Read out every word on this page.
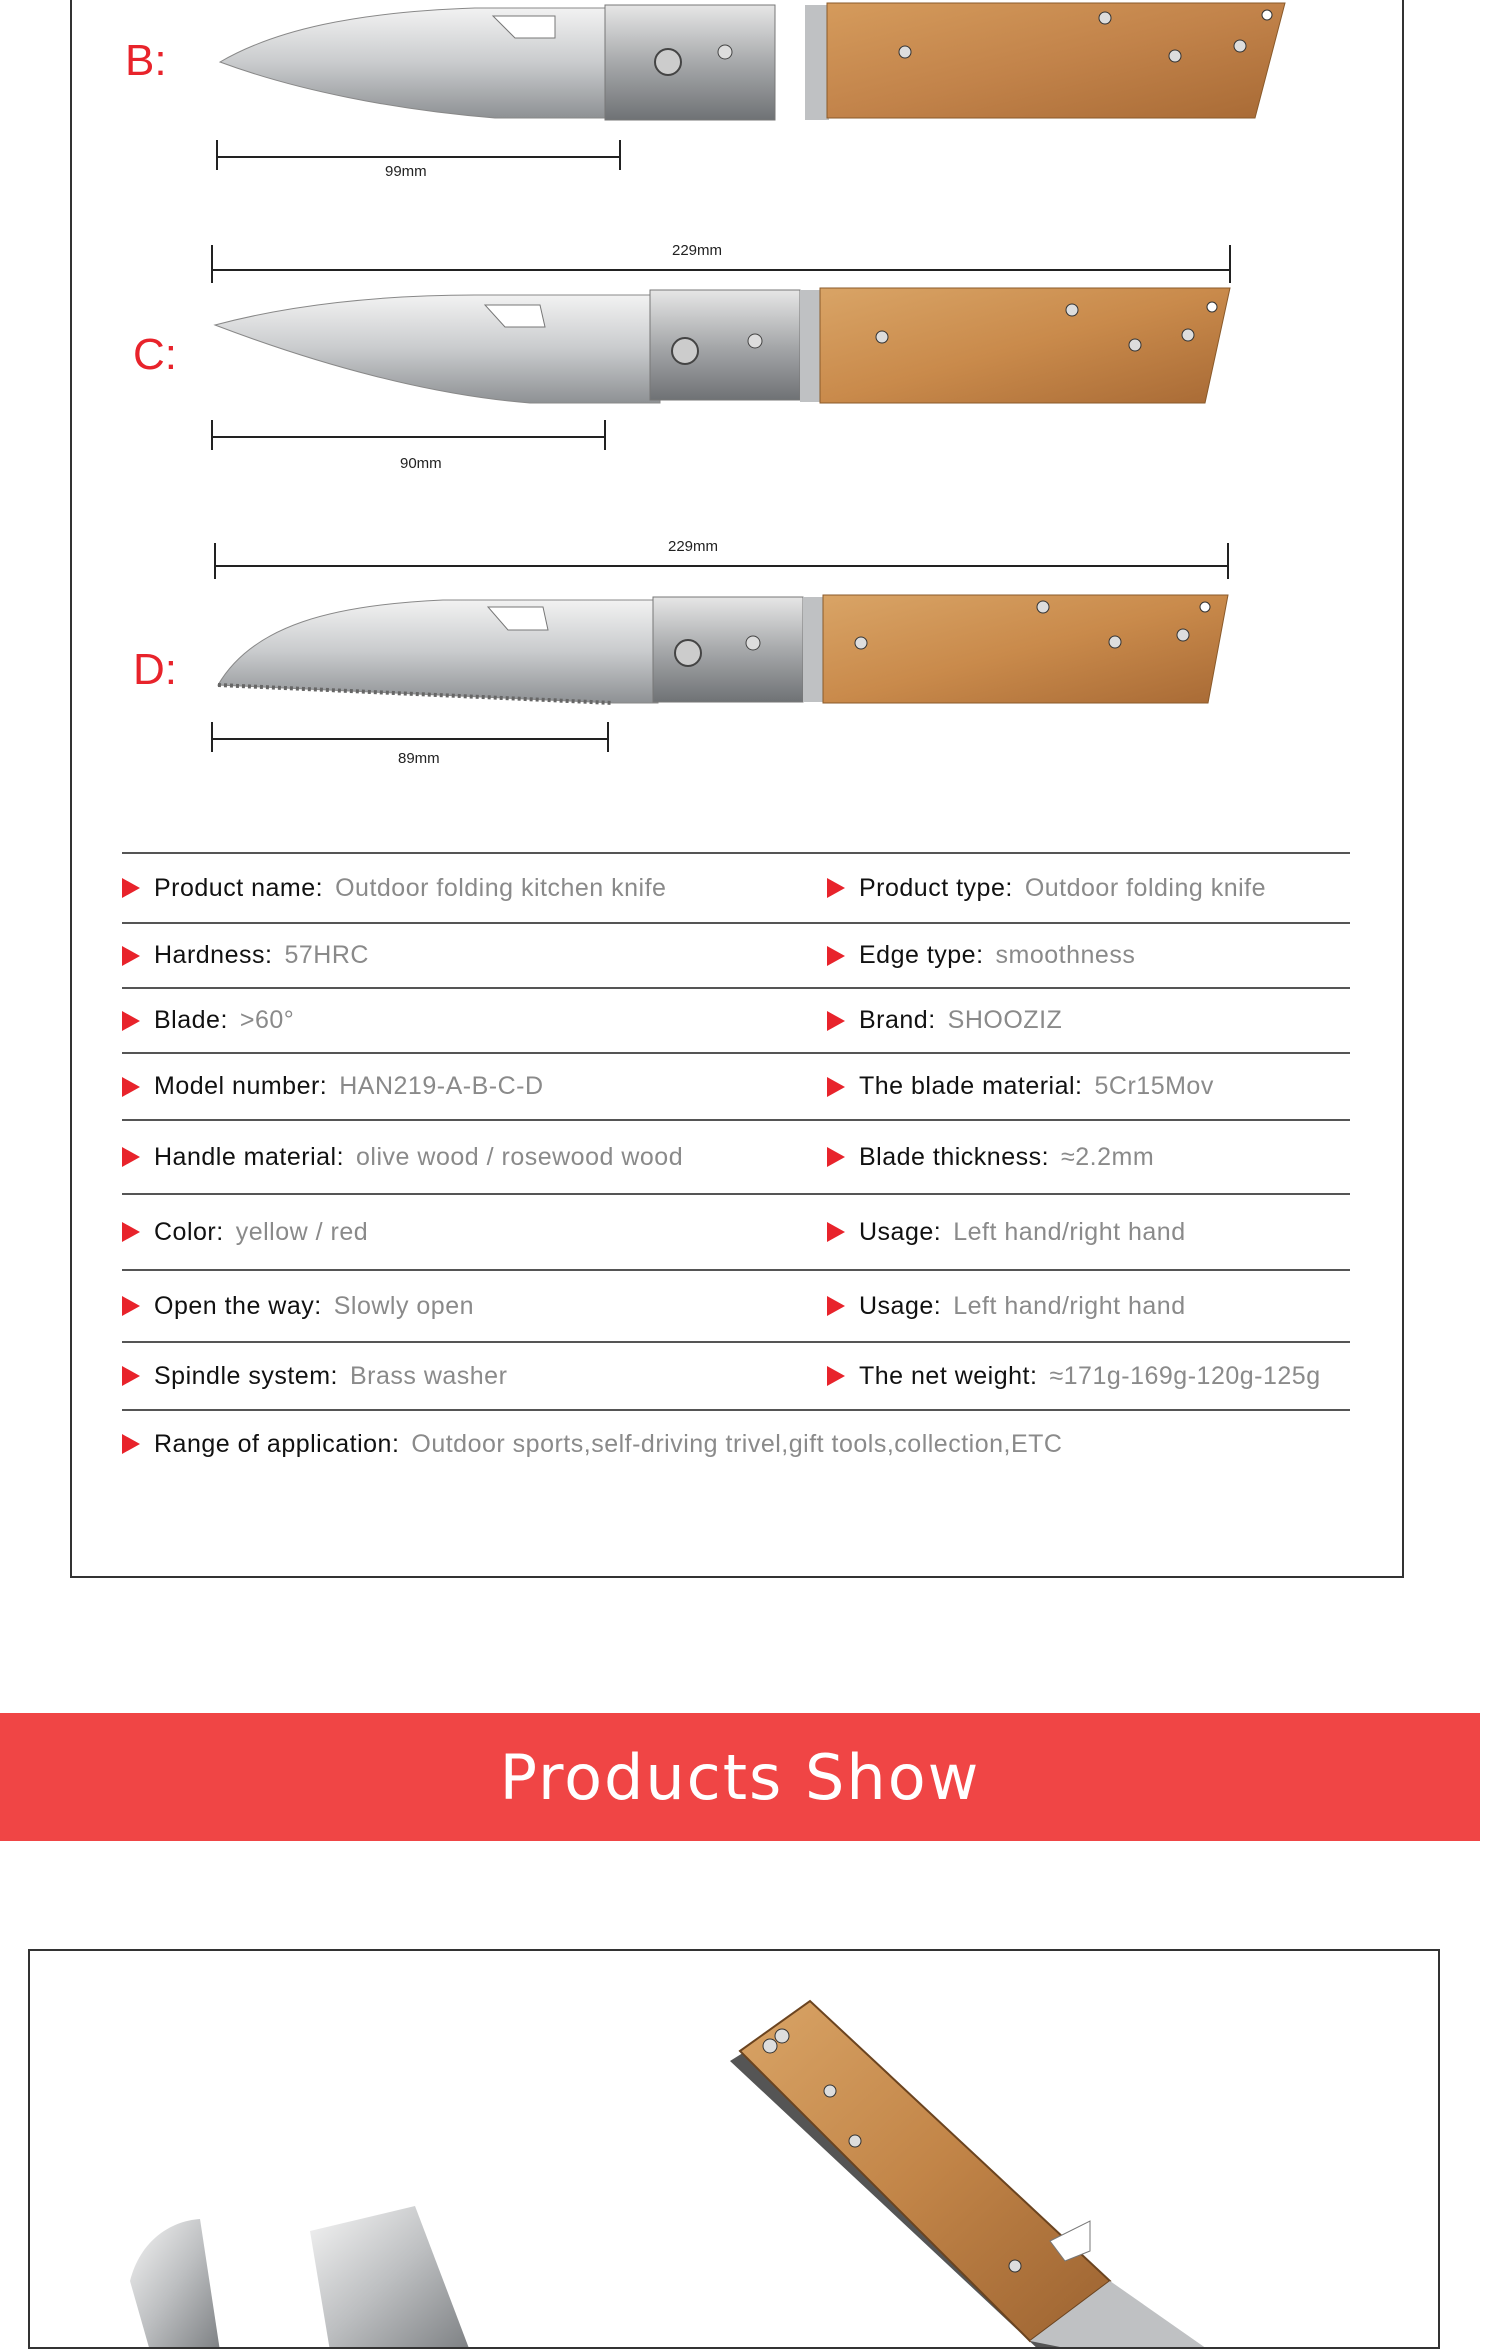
B:
99mm
229mm
C:
90mm
229mm
D:
89mm
Product name: Outdoor folding kitchen knife	Product type: Outdoor folding knife
Hardness: 57HRC	Edge type: smoothness
Blade: >60°	Brand: SHOOZIZ
Model number: HAN219-A-B-C-D	The blade material: 5Cr15Mov
Handle material: olive wood / rosewood wood	Blade thickness: ≈2.2mm
Color: yellow / red	Usage: Left hand/right hand
Open the way: Slowly open	Usage: Left hand/right hand
Spindle system: Brass washer	The net weight: ≈171g-169g-120g-125g
Range of application: Outdoor sports,self-driving trivel,gift tools,collection,ETC
Products Show
